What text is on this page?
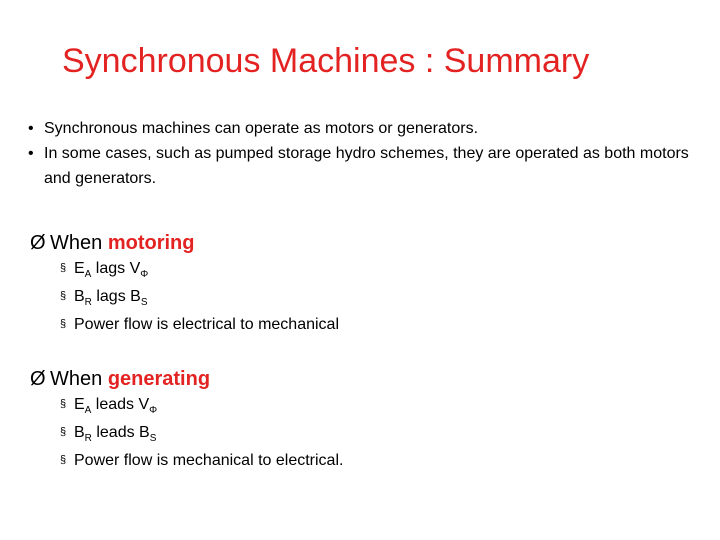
Synchronous Machines : Summary
• Synchronous machines can operate as motors or generators.
• In some cases, such as pumped storage hydro schemes, they are operated as both motors and generators.
Ø When motoring
§ $E_A$ lags $V_\Phi$
§ $B_R$ lags $B_S$
§ Power flow is electrical to mechanical
Ø When generating
§ $E_A$ leads $V_\Phi$
§ $B_R$ leads $B_S$
§ Power flow is mechanical to electrical.
